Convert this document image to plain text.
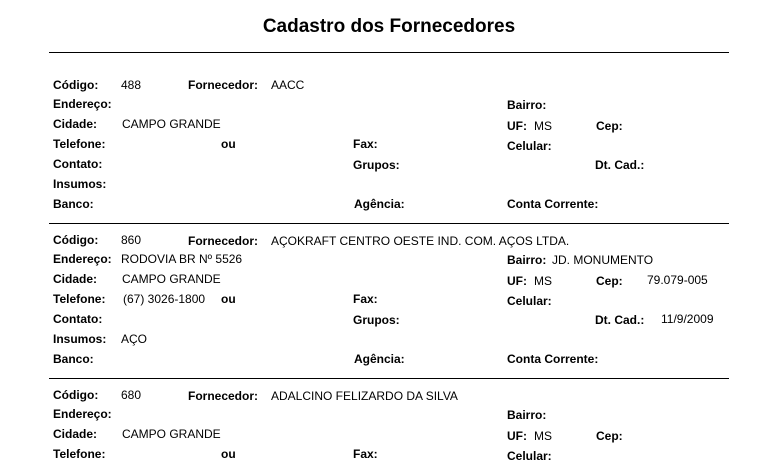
Cadastro dos Fornecedores
Código: 488	Fornecedor: AACC
Endereço:	Bairro:
Cidade: CAMPO GRANDE	UF: MS	Cep:
Telefone:	ou	Fax:	Celular:
Contato:	Grupos:	Dt. Cad.:
Insumos:
Banco:	Agência:	Conta Corrente:
Código: 860	Fornecedor: AÇOKRAFT CENTRO OESTE IND. COM. AÇOS LTDA.
Endereço: RODOVIA BR Nº 5526	Bairro: JD. MONUMENTO
Cidade: CAMPO GRANDE	UF: MS	Cep: 79.079-005
Telefone: (67) 3026-1800 ou	Fax:	Celular:
Contato:	Grupos:	Dt. Cad.: 11/9/2009
Insumos: AÇO
Banco:	Agência:	Conta Corrente:
Código: 680	Fornecedor: ADALCINO FELIZARDO DA SILVA
Endereço:	Bairro:
Cidade: CAMPO GRANDE	UF: MS	Cep:
Telefone:	ou	Fax:	Celular:
